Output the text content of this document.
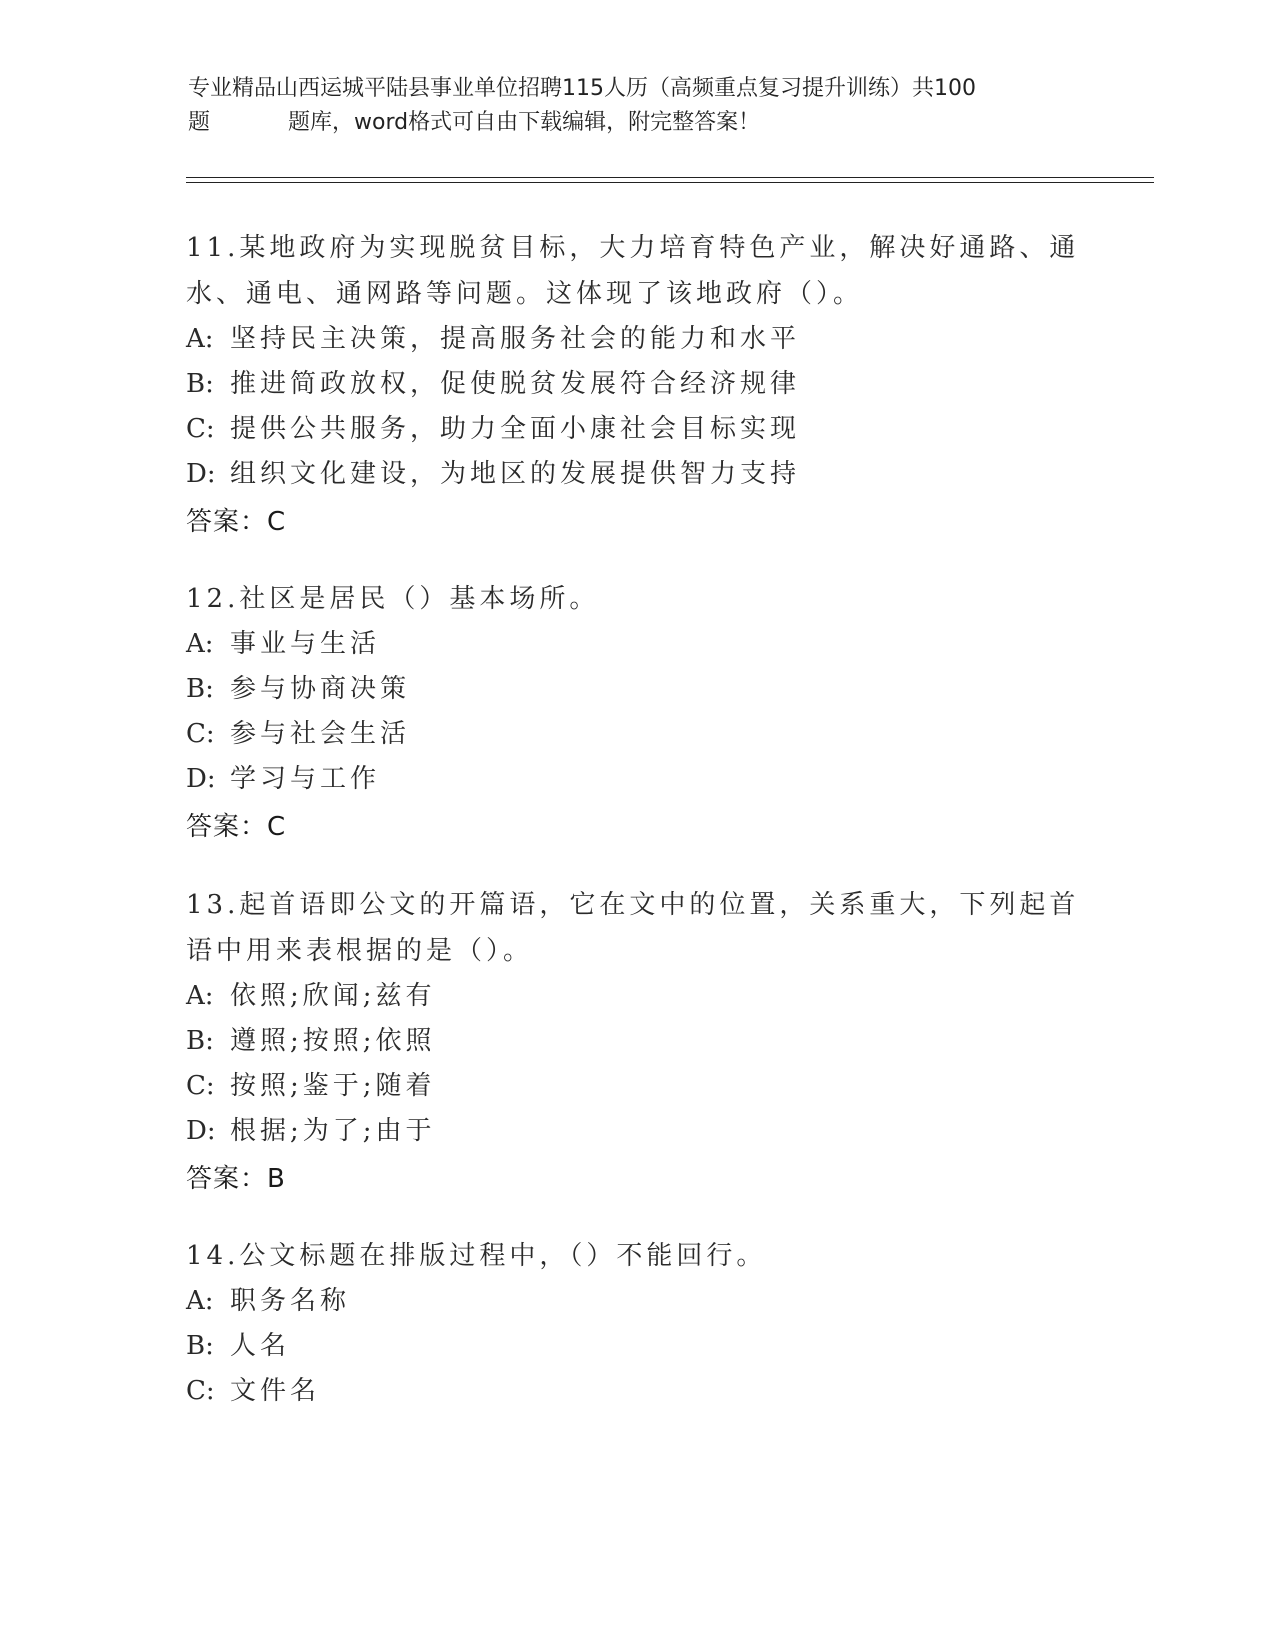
专业精品山西运城平陆县事业单位招聘115人历（高频重点复习提升训练）共100
题	题库，word格式可自由下载编辑，附完整答案！
11.某地政府为实现脱贫目标，大力培育特色产业，解决好通路、通水、通电、通网路等问题。这体现了该地政府（）。
A: 坚持民主决策，提高服务社会的能力和水平
B: 推进简政放权，促使脱贫发展符合经济规律
C: 提供公共服务，助力全面小康社会目标实现
D: 组织文化建设，为地区的发展提供智力支持
答案：C
12.社区是居民（）基本场所。
A: 事业与生活
B: 参与协商决策
C: 参与社会生活
D: 学习与工作
答案：C
13.起首语即公文的开篇语，它在文中的位置，关系重大，下列起首语中用来表根据的是（）。
A: 依照;欣闻;兹有
B: 遵照;按照;依照
C: 按照;鉴于;随着
D: 根据;为了;由于
答案：B
14.公文标题在排版过程中，（）不能回行。
A: 职务名称
B: 人名
C: 文件名
